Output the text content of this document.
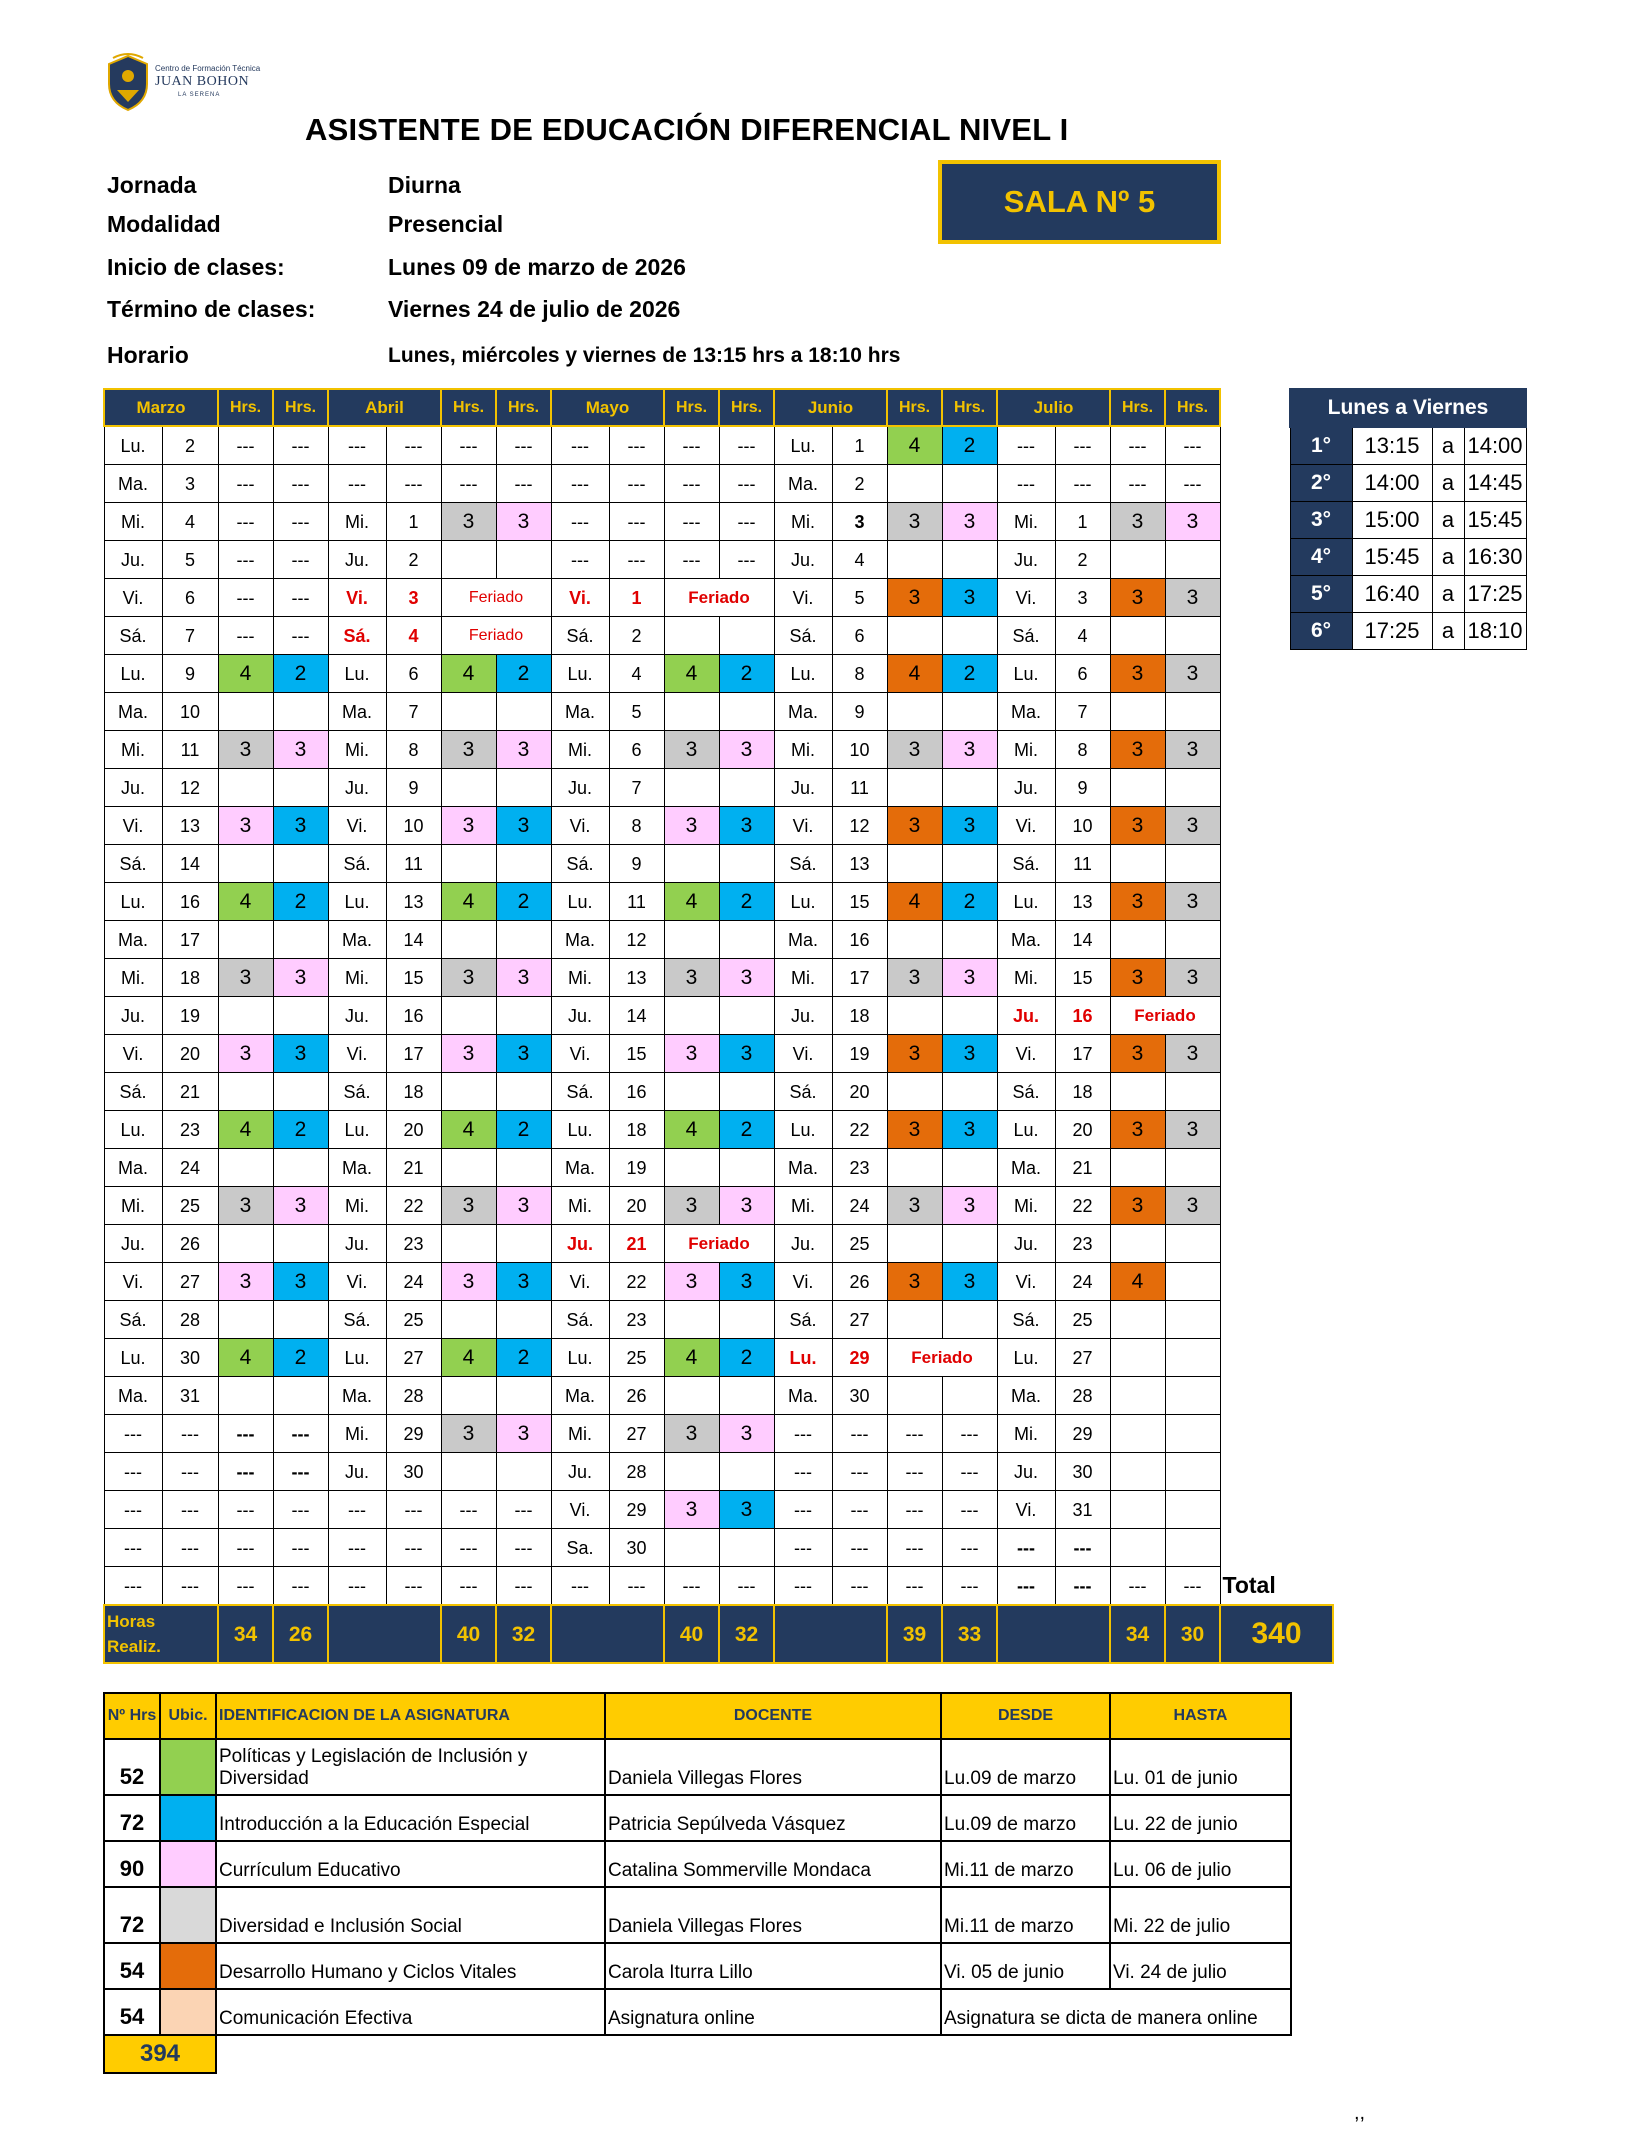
Centro de Formación Técnica
JUAN BOHON
LA SERENA
ASISTENTE DE EDUCACIÓN DIFERENCIAL NIVEL I
Jornada	Diurna
Modalidad	Presencial
Inicio de clases:	Lunes 09 de marzo de 2026
Término de clases:	Viernes 24 de julio de 2026
Horario	Lunes, miércoles y viernes de 13:15 hrs a 18:10 hrs
SALA Nº 5
Marzo		Hrs.	Hrs.	Abril		Hrs.	Hrs.	Mayo		Hrs.	Hrs.	Junio		Hrs.	Hrs.	Julio		Hrs.	Hrs.		
Lu.	2	---	---	---	---	---	---	---	---	---	---	Lu.	1	4	2	---	---	---	---		
Ma.	3	---	---	---	---	---	---	---	---	---	---	Ma.	2			---	---	---	---		
Mi.	4	---	---	Mi.	1	3	3	---	---	---	---	Mi.	3	3	3	Mi.	1	3	3		
Ju.	5	---	---	Ju.	2			---	---	---	---	Ju.	4			Ju.	2				
Vi.	6	---	---	Vi.	3	Feriado		Vi.	1	Feriado		Vi.	5	3	3	Vi.	3	3	3		
Sá.	7	---	---	Sá.	4	Feriado		Sá.	2			Sá.	6			Sá.	4				
Lu.	9	4	2	Lu.	6	4	2	Lu.	4	4	2	Lu.	8	4	2	Lu.	6	3	3		
Ma.	10			Ma.	7			Ma.	5			Ma.	9			Ma.	7				
Mi.	11	3	3	Mi.	8	3	3	Mi.	6	3	3	Mi.	10	3	3	Mi.	8	3	3		
Ju.	12			Ju.	9			Ju.	7			Ju.	11			Ju.	9				
Vi.	13	3	3	Vi.	10	3	3	Vi.	8	3	3	Vi.	12	3	3	Vi.	10	3	3		
Sá.	14			Sá.	11			Sá.	9			Sá.	13			Sá.	11				
Lu.	16	4	2	Lu.	13	4	2	Lu.	11	4	2	Lu.	15	4	2	Lu.	13	3	3		
Ma.	17			Ma.	14			Ma.	12			Ma.	16			Ma.	14				
Mi.	18	3	3	Mi.	15	3	3	Mi.	13	3	3	Mi.	17	3	3	Mi.	15	3	3		
Ju.	19			Ju.	16			Ju.	14			Ju.	18			Ju.	16	Feriado			
Vi.	20	3	3	Vi.	17	3	3	Vi.	15	3	3	Vi.	19	3	3	Vi.	17	3	3		
Sá.	21			Sá.	18			Sá.	16			Sá.	20			Sá.	18				
Lu.	23	4	2	Lu.	20	4	2	Lu.	18	4	2	Lu.	22	3	3	Lu.	20	3	3		
Ma.	24			Ma.	21			Ma.	19			Ma.	23			Ma.	21				
Mi.	25	3	3	Mi.	22	3	3	Mi.	20	3	3	Mi.	24	3	3	Mi.	22	3	3		
Ju.	26			Ju.	23			Ju.	21	Feriado		Ju.	25			Ju.	23				
Vi.	27	3	3	Vi.	24	3	3	Vi.	22	3	3	Vi.	26	3	3	Vi.	24	4			
Sá.	28			Sá.	25			Sá.	23			Sá.	27			Sá.	25				
Lu.	30	4	2	Lu.	27	4	2	Lu.	25	4	2	Lu.	29	Feriado		Lu.	27				
Ma.	31			Ma.	28			Ma.	26			Ma.	30			Ma.	28				
---	---	---	---	Mi.	29	3	3	Mi.	27	3	3	---	---	---	---	Mi.	29				
---	---	---	---	Ju.	30			Ju.	28			---	---	---	---	Ju.	30				
---	---	---	---	---	---	---	---	Vi.	29	3	3	---	---	---	---	Vi.	31				
---	---	---	---	---	---	---	---	Sa.	30			---	---	---	---	---	---				
---	---	---	---	---	---	---	---	---	---	---	---	---	---	---	---	---	---	---	---	Total	

Horas
Realiz.		34	26			40	32			40	32			39	33			34	30	340	
Lunes a Viernes			
1°	13:15	a	14:00
2°	14:00	a	14:45
3°	15:00	a	15:45
4°	15:45	a	16:30
5°	16:40	a	17:25
6°	17:25	a	18:10
Nº Hrs	Ubic.	IDENTIFICACION DE LA ASIGNATURA	DOCENTE	DESDE	HASTA
52		Políticas y Legislación de Inclusión y Diversidad	Daniela Villegas Flores	Lu.09 de marzo	Lu. 01 de junio
72		Introducción a la Educación Especial	Patricia Sepúlveda Vásquez	Lu.09 de marzo	Lu. 22 de junio
90		Currículum Educativo	Catalina Sommerville Mondaca	Mi.11 de marzo	Lu. 06 de julio
72		Diversidad e Inclusión Social	Daniela Villegas Flores	Mi.11 de marzo	Mi. 22 de julio
54		Desarrollo Humano y Ciclos Vitales	Carola Iturra Lillo	Vi. 05 de junio	Vi. 24 de julio
54		Comunicación Efectiva	Asignatura online	Asignatura se dicta de manera online	
394					
,,
